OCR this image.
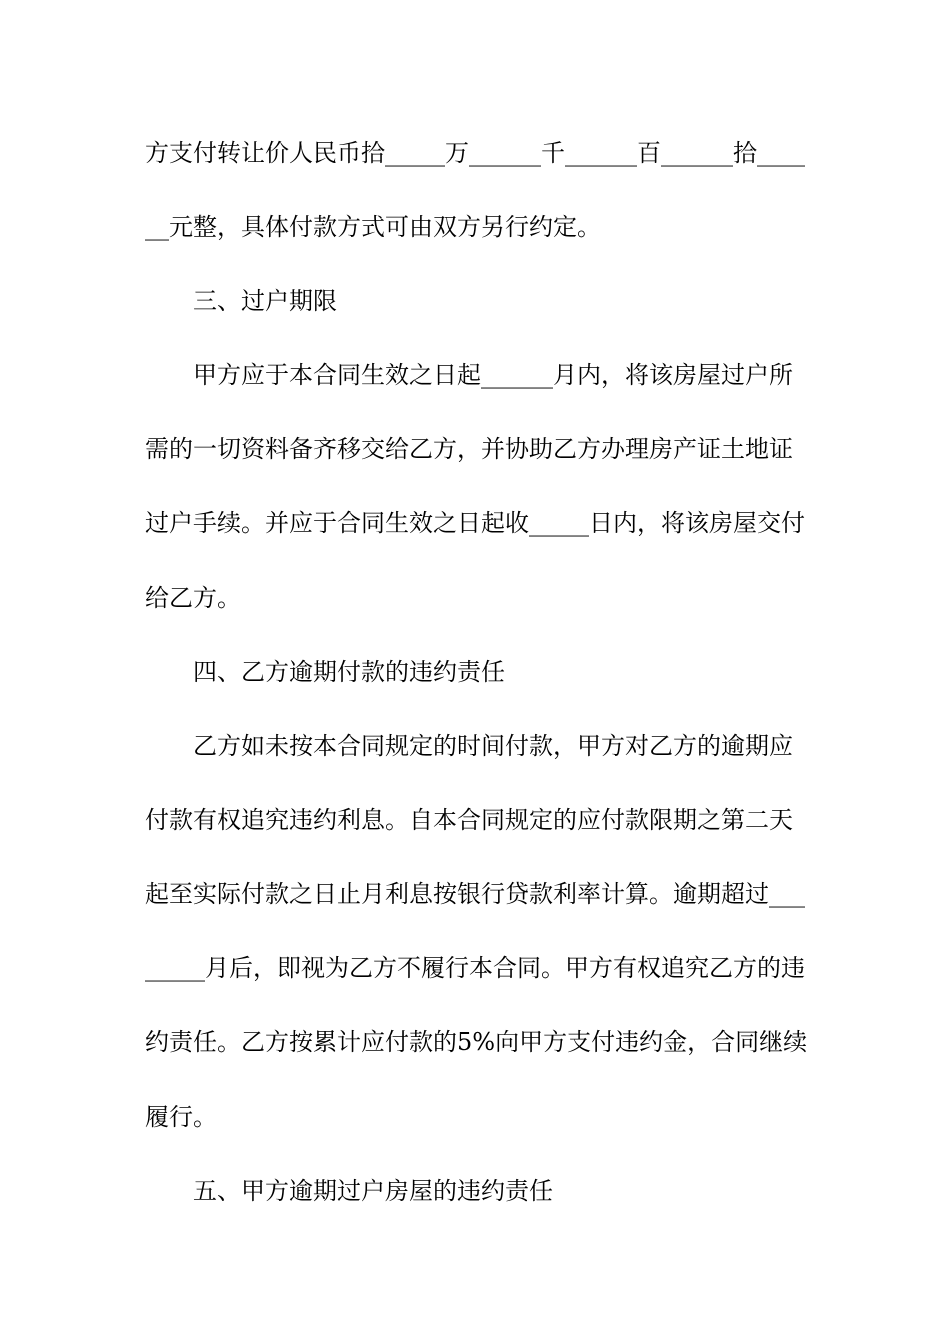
方支付转让价人民币拾_____万______千______百______拾____
__元整，具体付款方式可由双方另行约定。
三、过户期限
甲方应于本合同生效之日起______月内，将该房屋过户所
需的一切资料备齐移交给乙方，并协助乙方办理房产证土地证
过户手续。并应于合同生效之日起收_____日内，将该房屋交付
给乙方。
四、乙方逾期付款的违约责任
乙方如未按本合同规定的时间付款，甲方对乙方的逾期应
付款有权追究违约利息。自本合同规定的应付款限期之第二天
起至实际付款之日止月利息按银行贷款利率计算。逾期超过___
_____月后，即视为乙方不履行本合同。甲方有权追究乙方的违
约责任。乙方按累计应付款的5%向甲方支付违约金，合同继续
履行。
五、甲方逾期过户房屋的违约责任
